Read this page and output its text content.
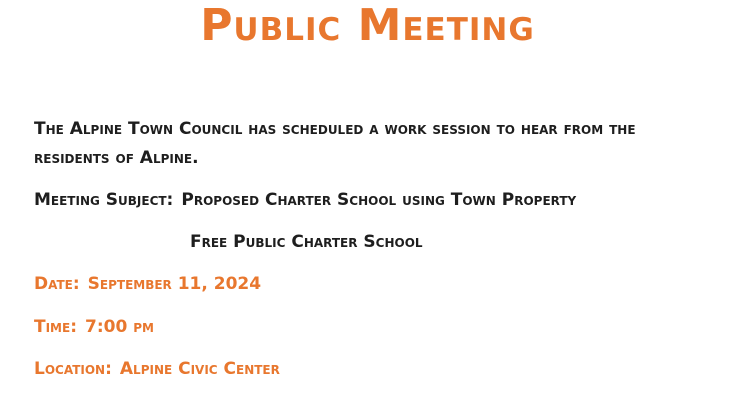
Public Meeting
The Alpine Town Council has scheduled a work session to hear from the
residents of Alpine.
Meeting Subject: Proposed Charter School using Town Property
Free Public Charter School
Date: September 11, 2024
Time: 7:00 pm
Location: Alpine Civic Center
